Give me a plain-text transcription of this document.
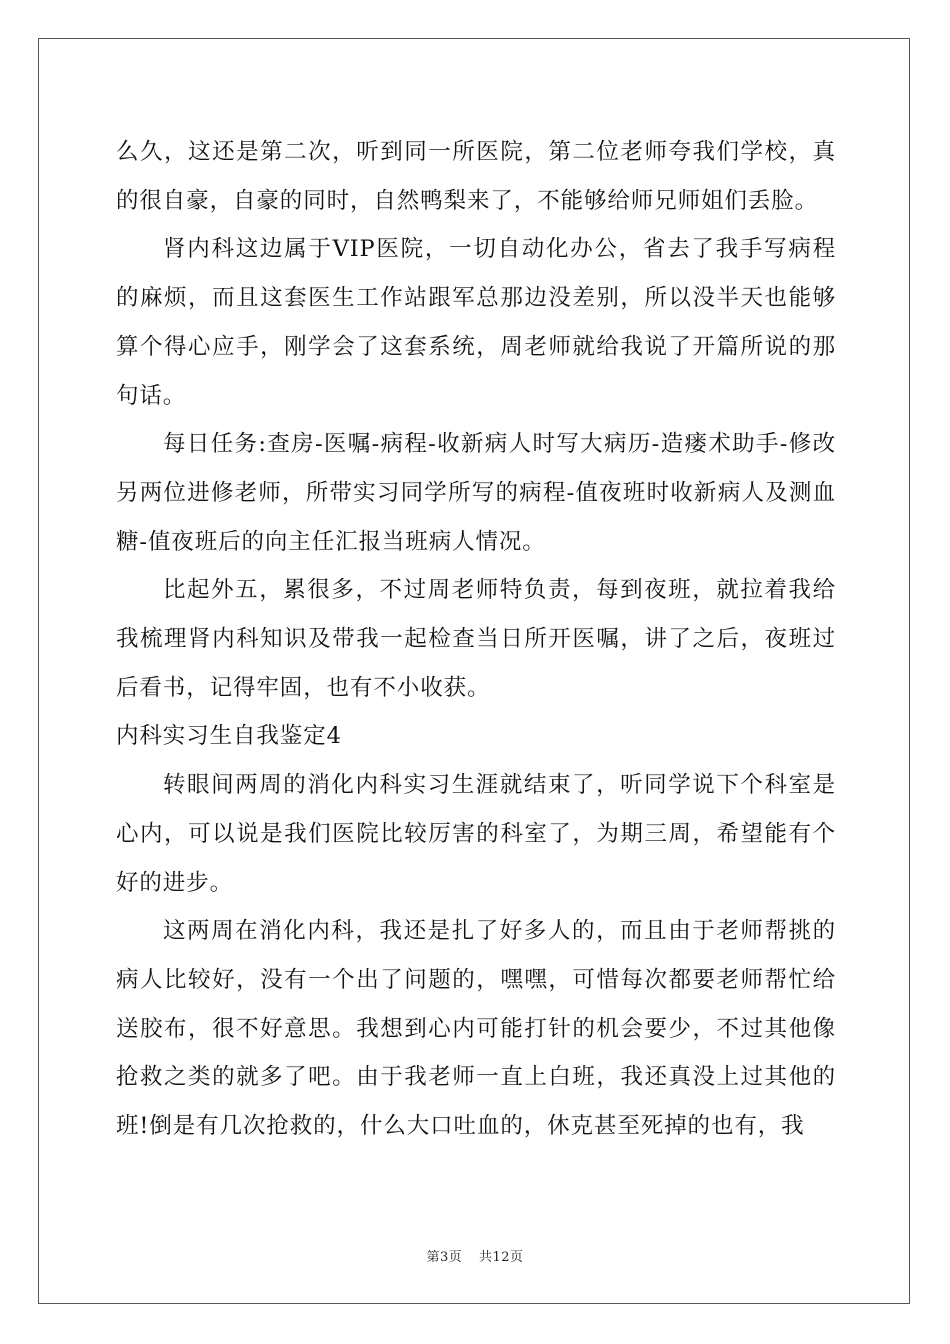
么久，这还是第二次，听到同一所医院，第二位老师夸我们学校，真的很自豪，自豪的同时，自然鸭梨来了，不能够给师兄师姐们丢脸。

肾内科这边属于VIP医院，一切自动化办公，省去了我手写病程的麻烦，而且这套医生工作站跟军总那边没差别，所以没半天也能够算个得心应手，刚学会了这套系统，周老师就给我说了开篇所说的那句话。

每日任务:查房-医嘱-病程-收新病人时写大病历-造瘘术助手-修改另两位进修老师，所带实习同学所写的病程-值夜班时收新病人及测血糖-值夜班后的向主任汇报当班病人情况。

比起外五，累很多，不过周老师特负责，每到夜班，就拉着我给我梳理肾内科知识及带我一起检查当日所开医嘱，讲了之后，夜班过后看书，记得牢固，也有不小收获。

内科实习生自我鉴定4

转眼间两周的消化内科实习生涯就结束了，听同学说下个科室是心内，可以说是我们医院比较厉害的科室了，为期三周，希望能有个好的进步。

这两周在消化内科，我还是扎了好多人的，而且由于老师帮挑的病人比较好，没有一个出了问题的，嘿嘿，可惜每次都要老师帮忙给送胶布，很不好意思。我想到心内可能打针的机会要少，不过其他像抢救之类的就多了吧。由于我老师一直上白班，我还真没上过其他的班!倒是有几次抢救的，什么大口吐血的，休克甚至死掉的也有，我

第3页 共12页
